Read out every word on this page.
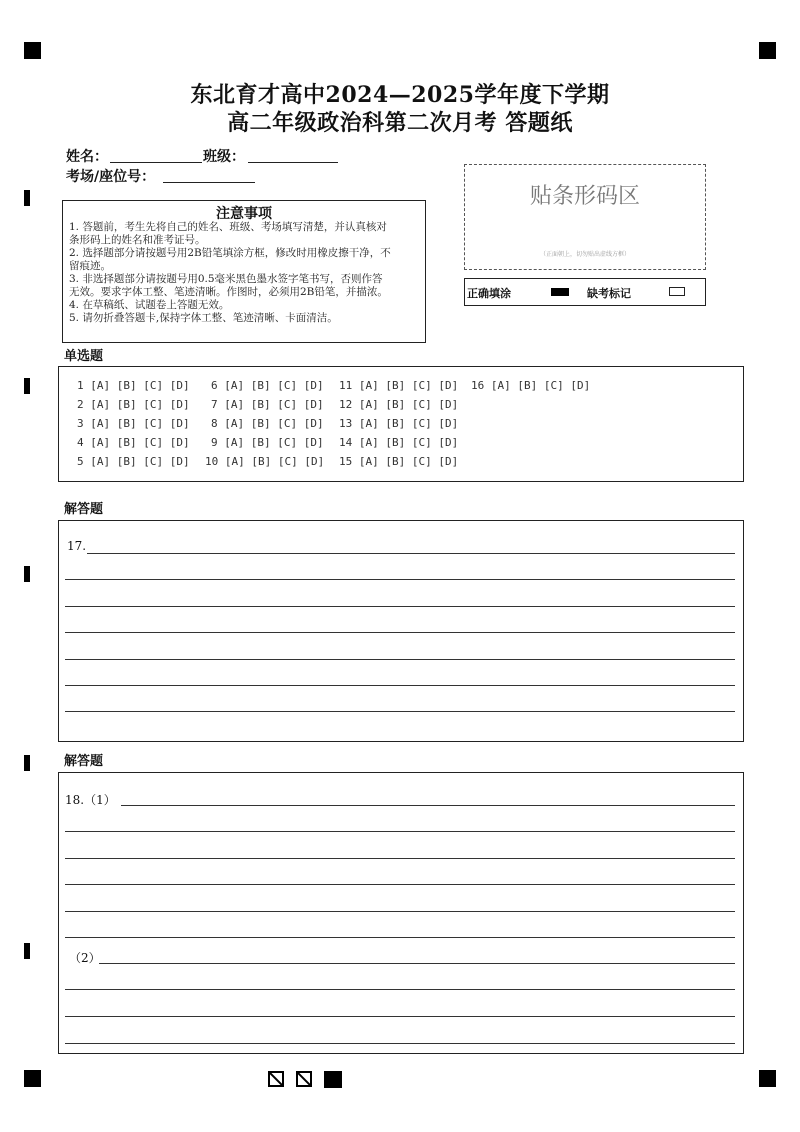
东北育才高中2024—2025学年度下学期
高二年级政治科第二次月考 答题纸
姓名：	班级：
考场/座位号：
注意事项
1. 答题前，考生先将自己的姓名、班级、考场填写清楚，并认真核对
条形码上的姓名和准考证号。
2. 选择题部分请按题号用2B铅笔填涂方框，修改时用橡皮擦干净，不
留痕迹。
3. 非选择题部分请按题号用0.5毫米黑色墨水签字笔书写，否则作答
无效。要求字体工整、笔迹清晰。作图时，必须用2B铅笔，并描浓。
4. 在草稿纸、试题卷上答题无效。
5. 请勿折叠答题卡,保持字体工整、笔迹清晰、卡面清洁。
贴条形码区
（正面朝上，切勿贴出虚线方框）
正确填涂	缺考标记
单选题
1 [A] [B] [C] [D]
2 [A] [B] [C] [D]
3 [A] [B] [C] [D]
4 [A] [B] [C] [D]
5 [A] [B] [C] [D]
6 [A] [B] [C] [D]
7 [A] [B] [C] [D]
8 [A] [B] [C] [D]
9 [A] [B] [C] [D]
10 [A] [B] [C] [D]
11 [A] [B] [C] [D]
12 [A] [B] [C] [D]
13 [A] [B] [C] [D]
14 [A] [B] [C] [D]
15 [A] [B] [C] [D]
16 [A] [B] [C] [D]
解答题
17.
解答题
18.（1）
（2）
